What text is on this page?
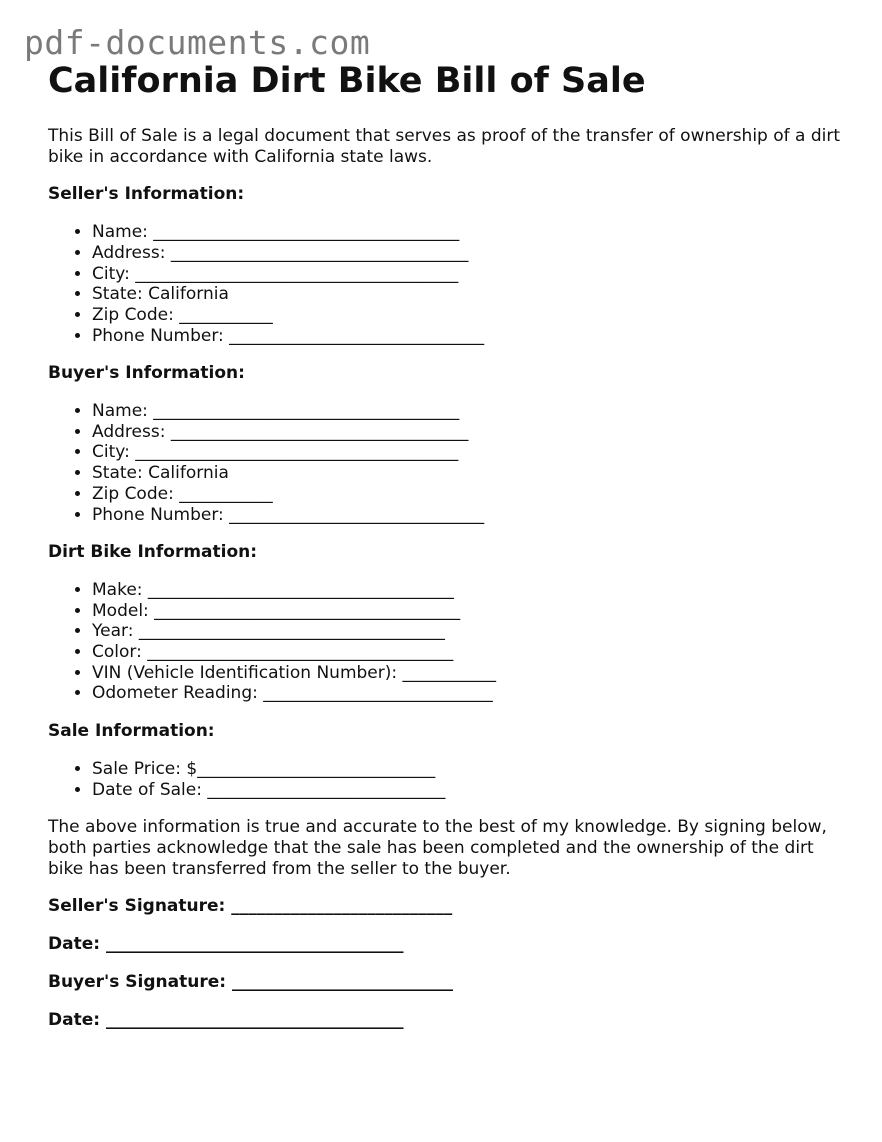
pdf-documents.com
California Dirt Bike Bill of Sale

This Bill of Sale is a legal document that serves as proof of the transfer of ownership of a dirt bike in accordance with California state laws.

Seller's Information:
• Name: ____________________________________
• Address: ___________________________________
• City: ______________________________________
• State: California
• Zip Code: ___________
• Phone Number: ______________________________
Buyer's Information:
• Name: ____________________________________
• Address: ___________________________________
• City: ______________________________________
• State: California
• Zip Code: ___________
• Phone Number: ______________________________
Dirt Bike Information:
• Make: ____________________________________
• Model: ____________________________________
• Year: ____________________________________
• Color: ____________________________________
• VIN (Vehicle Identification Number): ___________
• Odometer Reading: ___________________________
Sale Information:
• Sale Price: $____________________________
• Date of Sale: ____________________________

The above information is true and accurate to the best of my knowledge. By signing below, both parties acknowledge that the sale has been completed and the ownership of the dirt bike has been transferred from the seller to the buyer.

Seller's Signature: __________________________
Date: ___________________________________
Buyer's Signature: __________________________
Date: ___________________________________
